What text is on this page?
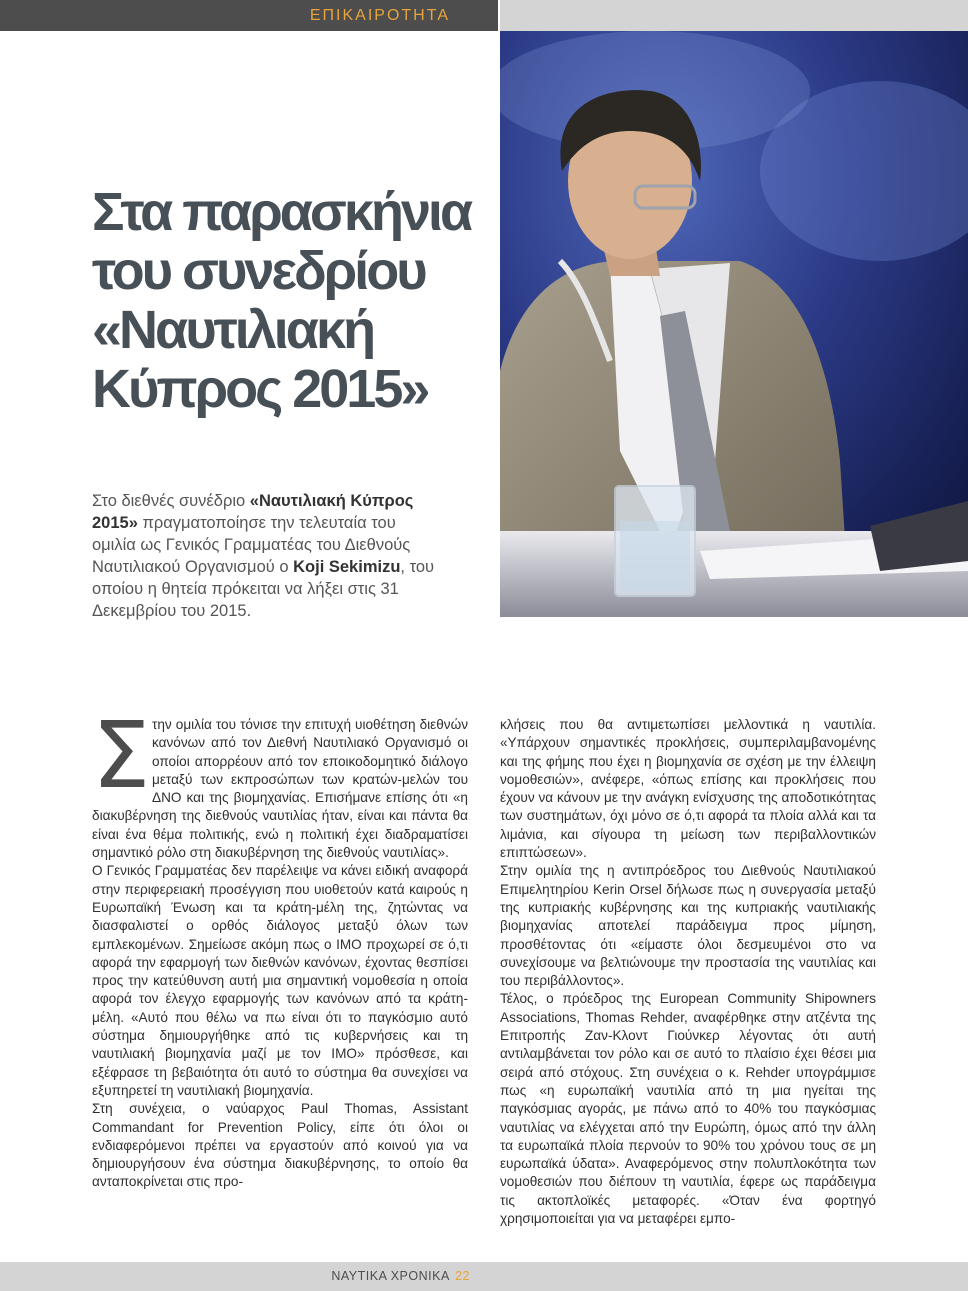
ΕΠΙΚΑΙΡΟΤΗΤΑ
Στα παρασκήνια
του συνεδρίου
«Ναυτιλιακή
Κύπρος 2015»

Στο διεθνές συνέδριο «Ναυτιλιακή Κύπρος 2015» πραγματοποίησε την τελευταία του ομιλία ως Γενικός Γραμματέας του Διεθνούς Ναυτιλιακού Οργανισμού ο Koji Sekimizu, του οποίου η θητεία πρόκειται να λήξει στις 31 Δεκεμβρίου του 2015.

Σ την ομιλία του τόνισε την επιτυχή υιοθέτηση διεθνών κανόνων από τον Διεθνή Ναυτιλιακό Οργανισμό οι οποίοι απορρέουν από τον εποικοδομητικό διάλογο μεταξύ των εκπροσώπων των κρατών-μελών του ΔΝΟ και της βιομηχανίας. Επισήμανε επίσης ότι «η διακυβέρνηση της διεθνούς ναυτιλίας ήταν, είναι και πάντα θα είναι ένα θέμα πολιτικής, ενώ η πολιτική έχει διαδραματίσει σημαντικό ρόλο στη διακυβέρνηση της διεθνούς ναυτιλίας».

Ο Γενικός Γραμματέας δεν παρέλειψε να κάνει ειδική αναφορά στην περιφερειακή προσέγγιση που υιοθετούν κατά καιρούς η Ευρωπαϊκή Ένωση και τα κράτη-μέλη της, ζητώντας να διασφαλιστεί ο ορθός διάλογος μεταξύ όλων των εμπλεκομένων. Σημείωσε ακόμη πως ο IMO προχωρεί σε ό,τι αφορά την εφαρμογή των διεθνών κανόνων, έχοντας θεσπίσει προς την κατεύθυνση αυτή μια σημαντική νομοθεσία η οποία αφορά τον έλεγχο εφαρμογής των κανόνων από τα κράτη-μέλη. «Αυτό που θέλω να πω είναι ότι το παγκόσμιο αυτό σύστημα δημιουργήθηκε από τις κυβερνήσεις και τη ναυτιλιακή βιομηχανία μαζί με τον IMO» πρόσθεσε, και εξέφρασε τη βεβαιότητα ότι αυτό το σύστημα θα συνεχίσει να εξυπηρετεί τη ναυτιλιακή βιομηχανία.

Στη συνέχεια, ο ναύαρχος Paul Thomas, Assistant Commandant for Prevention Policy, είπε ότι όλοι οι ενδιαφερόμενοι πρέπει να εργαστούν από κοινού για να δημιουργήσουν ένα σύστημα διακυβέρνησης, το οποίο θα ανταποκρίνεται στις προ-

κλήσεις που θα αντιμετωπίσει μελλοντικά η ναυτιλία. «Υπάρχουν σημαντικές προκλήσεις, συμπεριλαμβανομένης και της φήμης που έχει η βιομηχανία σε σχέση με την έλλειψη νομοθεσιών», ανέφερε, «όπως επίσης και προκλήσεις που έχουν να κάνουν με την ανάγκη ενίσχυσης της αποδοτικότητας των συστημάτων, όχι μόνο σε ό,τι αφορά τα πλοία αλλά και τα λιμάνια, και σίγουρα τη μείωση των περιβαλλοντικών επιπτώσεων».

Στην ομιλία της η αντιπρόεδρος του Διεθνούς Ναυτιλιακού Επιμελητηρίου Kerin Orsel δήλωσε πως η συνεργασία μεταξύ της κυπριακής κυβέρνησης και της κυπριακής ναυτιλιακής βιομηχανίας αποτελεί παράδειγμα προς μίμηση, προσθέτοντας ότι «είμαστε όλοι δεσμευμένοι στο να συνεχίσουμε να βελτιώνουμε την προστασία της ναυτιλίας και του περιβάλλοντος».

Τέλος, ο πρόεδρος της European Community Shipowners Associations, Thomas Rehder, αναφέρθηκε στην ατζέντα της Επιτροπής Ζαν-Κλοντ Γιούνκερ λέγοντας ότι αυτή αντιλαμβάνεται τον ρόλο και σε αυτό το πλαίσιο έχει θέσει μια σειρά από στόχους. Στη συνέχεια ο κ. Rehder υπογράμμισε πως «η ευρωπαϊκή ναυτιλία από τη μια ηγείται της παγκόσμιας αγοράς, με πάνω από το 40% του παγκόσμιας ναυτιλίας να ελέγχεται από την Ευρώπη, όμως από την άλλη τα ευρωπαϊκά πλοία περνούν το 90% του χρόνου τους σε μη ευρωπαϊκά ύδατα». Αναφερόμενος στην πολυπλοκότητα των νομοθεσιών που διέπουν τη ναυτιλία, έφερε ως παράδειγμα τις ακτοπλοϊκές μεταφορές. «Όταν ένα φορτηγό χρησιμοποιείται για να μεταφέρει εμπο-

ΝΑΥΤΙΚΑ ΧΡΟΝΙΚΑ 22
